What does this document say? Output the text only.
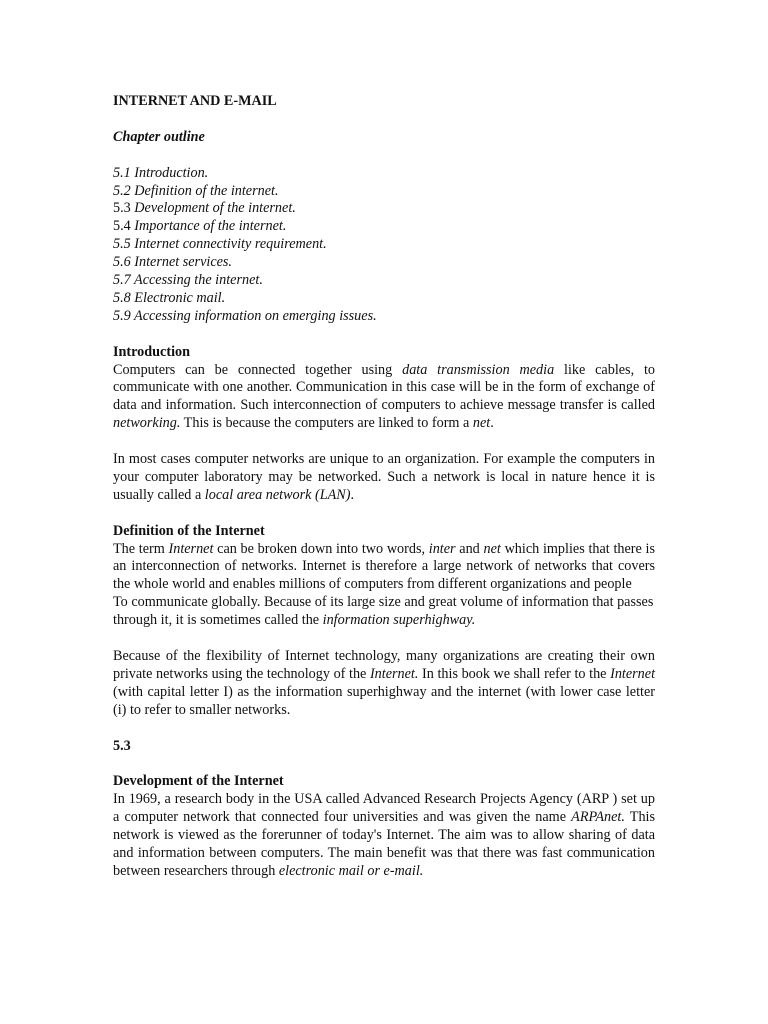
INTERNET AND E-MAIL

Chapter outline

5.1 Introduction.
5.2 Definition of the internet.
5.3 Development of the internet.
5.4 Importance of the internet.
5.5 Internet connectivity requirement.
5.6 Internet services.
5.7 Accessing the internet.
5.8 Electronic mail.
5.9 Accessing information on emerging issues.

Introduction

Computers can be connected together using data transmission media like cables, to communicate with one another. Communication in this case will be in the form of exchange of data and information. Such interconnection of computers to achieve message transfer is called networking. This is because the computers are linked to form a net.

In most cases computer networks are unique to an organization. For example the computers in your computer laboratory may be networked. Such a network is local in nature hence it is usually called a local area network (LAN).

Definition of the Internet

The term Internet can be broken down into two words, inter and net which implies that there is an interconnection of networks. Internet is therefore a large network of networks that covers the whole world and enables millions of computers from different organizations and people

To communicate globally. Because of its large size and great volume of information that passes through it, it is sometimes called the information superhighway.

Because of the flexibility of Internet technology, many organizations are creating their own private networks using the technology of the Internet. In this book we shall refer to the Internet (with capital letter I) as the information superhighway and the internet (with lower case letter (i) to refer to smaller networks.

5.3

Development of the Internet

In 1969, a research body in the USA called Advanced Research Projects Agency (ARP ) set up a computer network that connected four universities and was given the name ARPAnet. This network is viewed as the forerunner of today's Internet. The aim was to allow sharing of data and information between computers. The main benefit was that there was fast communication between researchers through electronic mail or e-mail.
